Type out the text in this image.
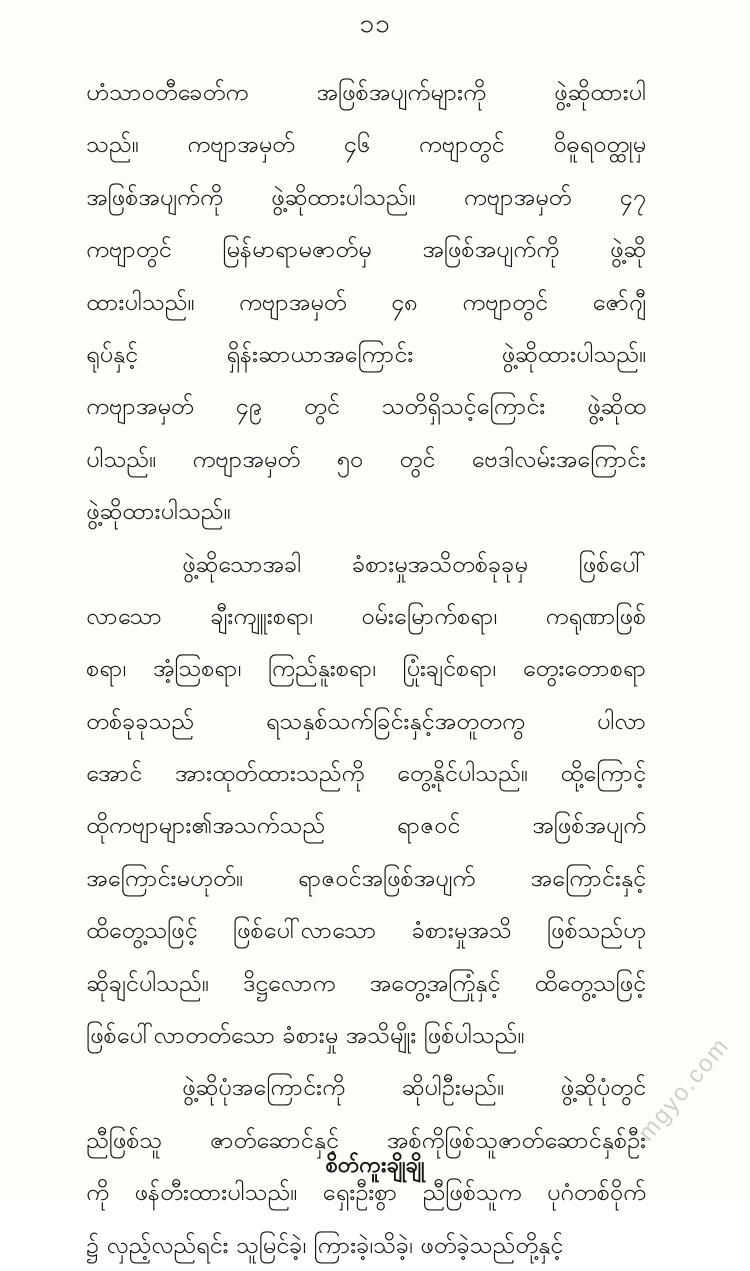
၁၁
ဟံသာဝတီခေတ်က အဖြစ်အပျက်များကို ဖွဲ့ဆိုထားပါ
သည်။ ကဗျာအမှတ် ၄၆ ကဗျာတွင် ဝိဓူရဝတ္ထုမှ
အဖြစ်အပျက်ကို ဖွဲ့ဆိုထားပါသည်။ ကဗျာအမှတ် ၄၇
ကဗျာတွင် မြန်မာရာမဇာတ်မှ အဖြစ်အပျက်ကို ဖွဲ့ဆို
ထားပါသည်။ ကဗျာအမှတ် ၄၈ ကဗျာတွင် ဇော်ဂျီ
ရုပ်နှင့် ရှိန်းဆာယာအကြောင်း ဖွဲ့ဆိုထားပါသည်။
ကဗျာအမှတ် ၄၉ တွင် သတိရှိသင့်ကြောင်း ဖွဲ့ဆိုထ
ပါသည်။ ကဗျာအမှတ် ၅၀ တွင် ဗေဒါလမ်းအကြောင်း
ဖွဲ့ဆိုထားပါသည်။
ဖွဲ့ဆိုသောအခါ ခံစားမှုအသိတစ်ခုခုမှ ဖြစ်ပေါ်
လာသော ချီးကျူးစရာ၊ ဝမ်းမြောက်စရာ၊ ကရုဏာဖြစ်
စရာ၊ အံ့သြစရာ၊ ကြည်နူးစရာ၊ ပြုံးချင်စရာ၊ တွေးတောစရာ
တစ်ခုခုသည် ရသနှစ်သက်ခြင်းနှင့်အတူတကွ ပါလာ
အောင် အားထုတ်ထားသည်ကို တွေ့နိုင်ပါသည်။ ထို့ကြောင့်
ထိုကဗျာများ၏အသက်သည် ရာဇဝင် အဖြစ်အပျက်
အကြောင်းမဟုတ်။ ရာဇဝင်အဖြစ်အပျက် အကြောင်းနှင့်
ထိတွေ့သဖြင့် ဖြစ်ပေါ်လာသော ခံစားမှုအသိ ဖြစ်သည်ဟု
ဆိုချင်ပါသည်။ ဒိဋ္ဌလောက အတွေ့အကြုံနှင့် ထိတွေ့သဖြင့်
ဖြစ်ပေါ်လာတတ်သော ခံစားမှု အသိမျိုး ဖြစ်ပါသည်။
ဖွဲ့ဆိုပုံအကြောင်းကို ဆိုပါဦးမည်။ ဖွဲ့ဆိုပုံတွင်
ညီဖြစ်သူ ဇာတ်ဆောင်နှင့် အစ်ကိုဖြစ်သူဇာတ်ဆောင်နှစ်ဦး
ကို ဖန်တီးထားပါသည်။ ရှေးဦးစွာ ညီဖြစ်သူက ပုဂံတစ်ဝိုက်
၌ လှည့်လည်ရင်း သူမြင်ခဲ့၊ ကြားခဲ့၊သိခဲ့၊ ဖတ်ခဲ့သည်တို့နှင့်
စိတ်ကူးချိုချို
mgyo.com
